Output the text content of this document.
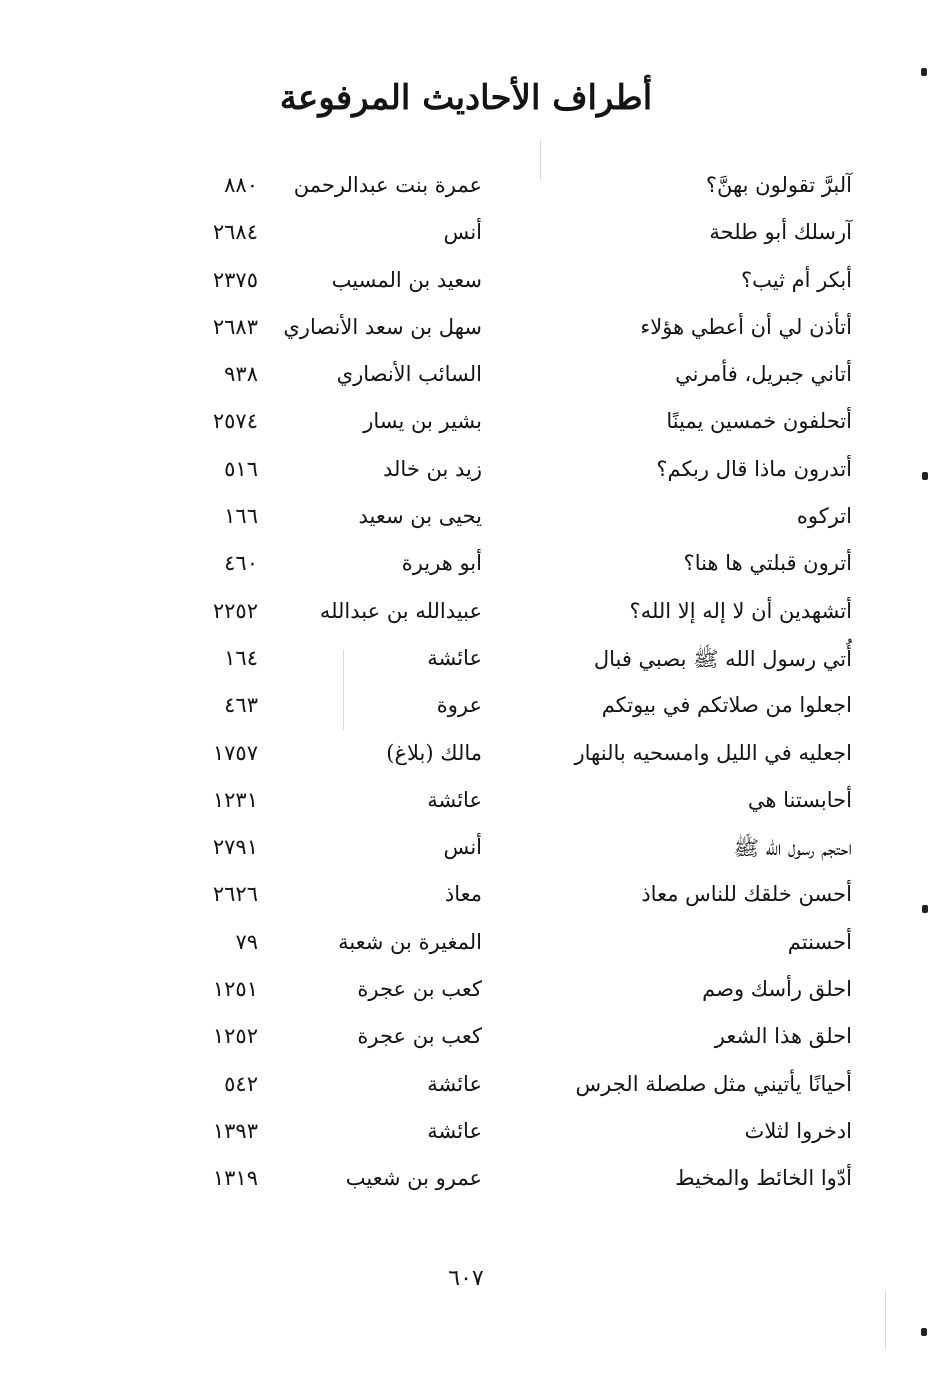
أطراف الأحاديث المرفوعة
آلبرَّ تقولون بهنَّ؟
عمرة بنت عبدالرحمن
٨٨٠
آرسلك أبو طلحة
أنس
٢٦٨٤
أبكر أم ثيب؟
سعيد بن المسيب
٢٣٧٥
أتأذن لي أن أعطي هؤلاء
سهل بن سعد الأنصاري
٢٦٨٣
أتاني جبريل، فأمرني
السائب الأنصاري
٩٣٨
أتحلفون خمسين يمينًا
بشير بن يسار
٢٥٧٤
أتدرون ماذا قال ربكم؟
زيد بن خالد
٥١٦
اتركوه
يحيى بن سعيد
١٦٦
أترون قبلتي ها هنا؟
أبو هريرة
٤٦٠
أتشهدين أن لا إله إلا الله؟
عبيدالله بن عبدالله
٢٢٥٢
أُتي رسول الله ﷺ بصبي فبال
عائشة
١٦٤
اجعلوا من صلاتكم في بيوتكم
عروة
٤٦٣
اجعليه في الليل وامسحيه بالنهار
مالك (بلاغ)
١٧٥٧
أحابستنا هي
عائشة
١٢٣١
احتجم رسول الله ﷺ
أنس
٢٧٩١
أحسن خلقك للناس معاذ
معاذ
٢٦٢٦
أحسنتم
المغيرة بن شعبة
٧٩
احلق رأسك وصم
كعب بن عجرة
١٢٥١
احلق هذا الشعر
كعب بن عجرة
١٢٥٢
أحيانًا يأتيني مثل صلصلة الجرس
عائشة
٥٤٢
ادخروا لثلاث
عائشة
١٣٩٣
أدّوا الخائط والمخيط
عمرو بن شعيب
١٣١٩
٦٠٧
